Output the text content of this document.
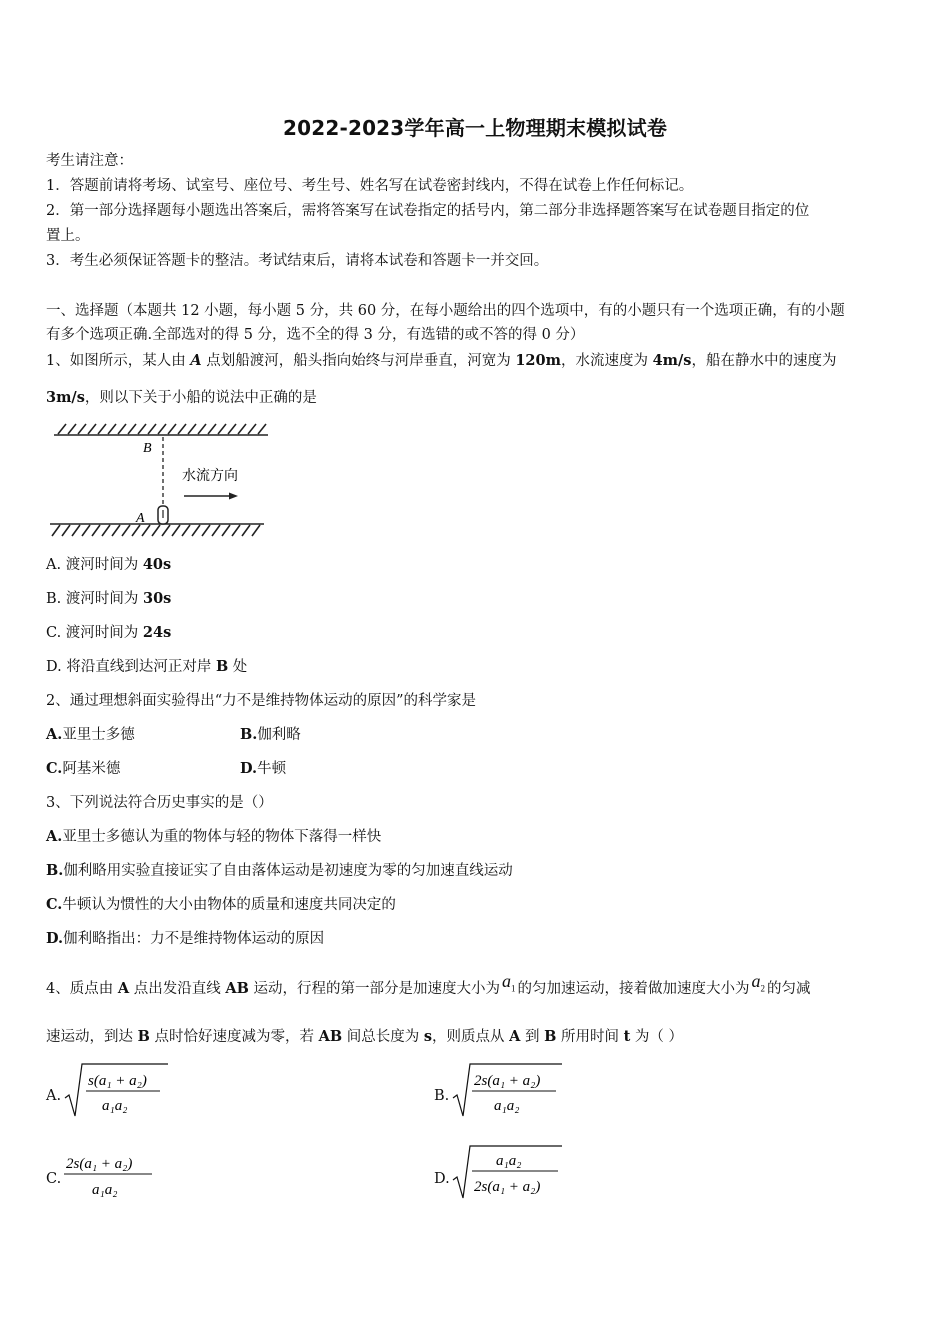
2022-2023学年高一上物理期末模拟试卷
考生请注意：
1．答题前请将考场、试室号、座位号、考生号、姓名写在试卷密封线内，不得在试卷上作任何标记。
2．第一部分选择题每小题选出答案后，需将答案写在试卷指定的括号内，第二部分非选择题答案写在试卷题目指定的位
置上。
3．考生必须保证答题卡的整洁。考试结束后，请将本试卷和答题卡一并交回。
一、选择题（本题共 12 小题，每小题 5 分，共 60 分，在每小题给出的四个选项中，有的小题只有一个选项正确，有的小题
有多个选项正确.全部选对的得 5 分，选不全的得 3 分，有选错的或不答的得 0 分）
1、如图所示，某人由 A 点划船渡河，船头指向始终与河岸垂直，河宽为 120m，水流速度为 4m/s，船在静水中的速度为
3m/s，则以下关于小船的说法中正确的是
B
A
水流方向
A. 渡河时间为 40s
B. 渡河时间为 30s
C. 渡河时间为 24s
D. 将沿直线到达河正对岸 B 处
2、通过理想斜面实验得出“力不是维持物体运动的原因”的科学家是
A.亚里士多德	B.伽利略
C.阿基米德	D.牛顿
3、下列说法符合历史事实的是（）
A.亚里士多德认为重的物体与轻的物体下落得一样快
B.伽利略用实验直接证实了自由落体运动是初速度为零的匀加速直线运动
C.牛顿认为惯性的大小由物体的质量和速度共同决定的
D.伽利略指出：力不是维持物体运动的原因
4、质点由 A 点出发沿直线 AB 运动，行程的第一部分是加速度大小为 $a_1$ 的匀加速运动，接着做加速度大小为 $a_2$ 的匀减
速运动，到达 B 点时恰好速度减为零，若 AB 间总长度为 s，则质点从 A 到 B 所用时间 t 为（ ）
A.
s(a₁ + a₂)
a₁a₂
B.
2s(a₁ + a₂)
a₁a₂
C.
2s(a₁ + a₂)
a₁a₂
D.
a₁a₂
2s(a₁ + a₂)
